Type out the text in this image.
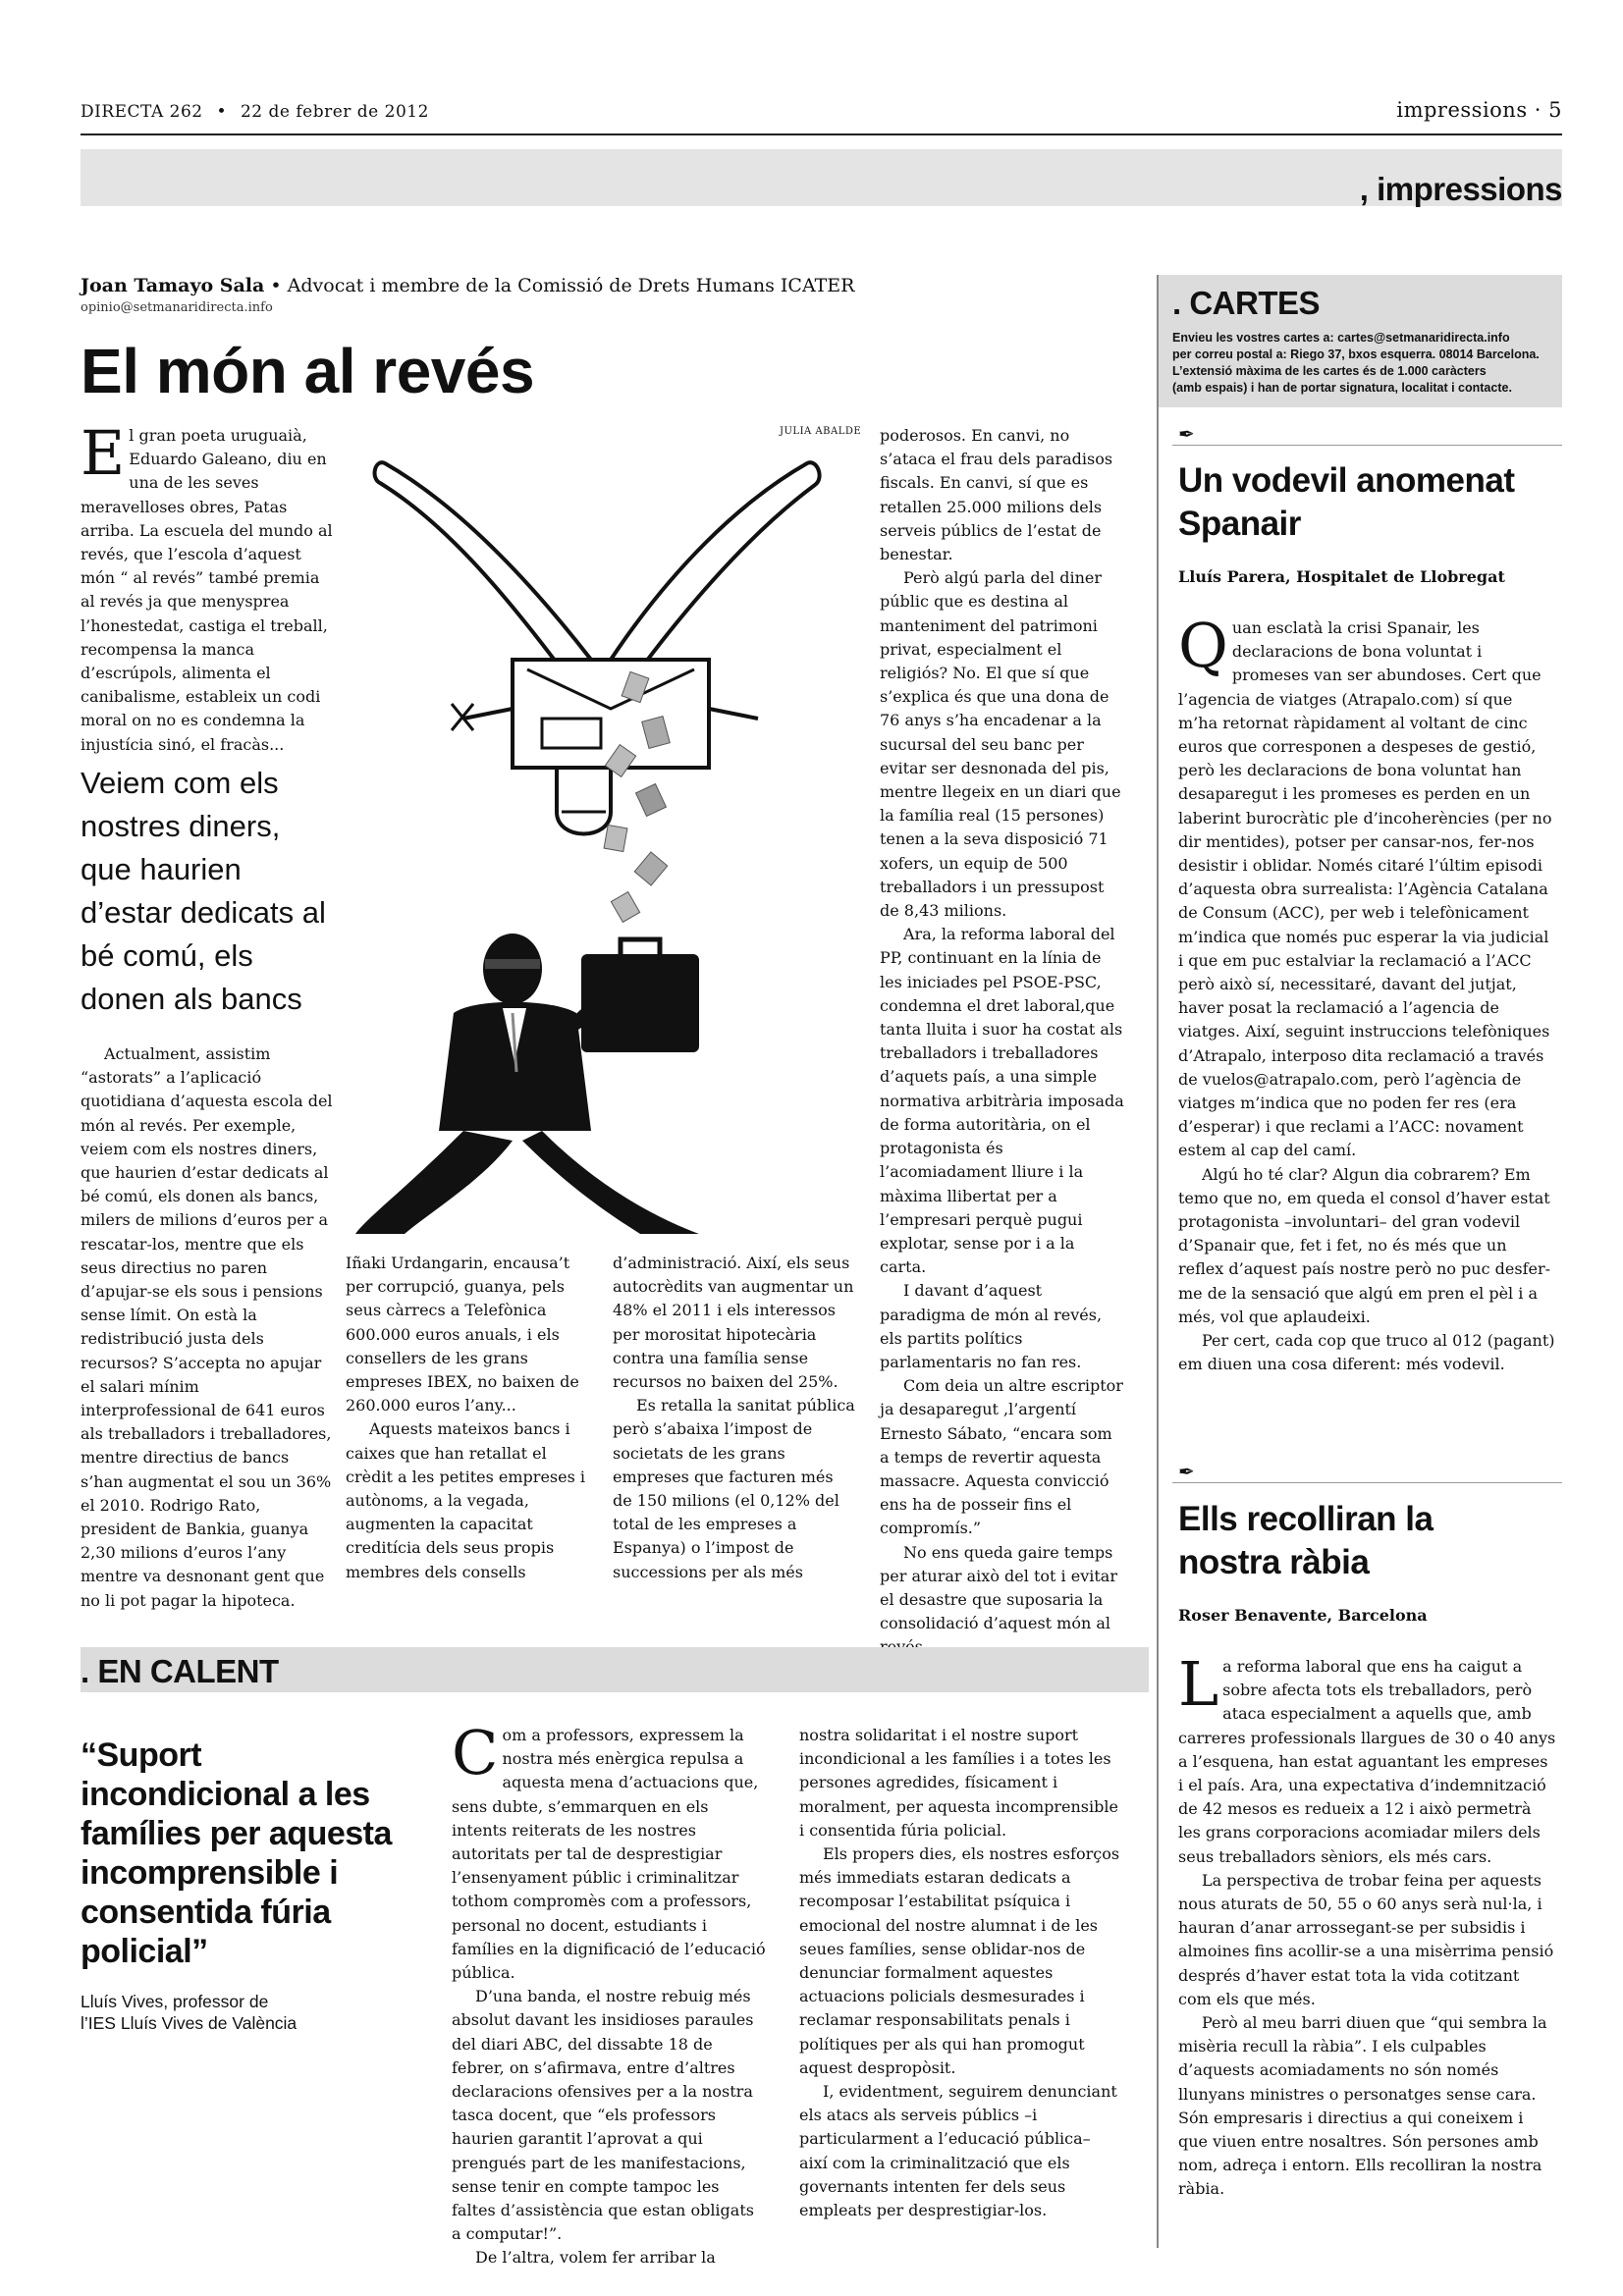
DIRECTA 262 • 22 de febrer de 2012	impressions · 5
, impressions
Joan Tamayo Sala • Advocat i membre de la Comissió de Drets Humans ICATER
opinio@setmanaridirecta.info
El món al revés
E l gran poeta uruguaià, Eduardo Galeano, diu en una de les seves meravelloses obres, Patas arriba. La escuela del mundo al revés, que l’escola d’aquest món “ al revés” també premia al revés ja que menysprea l’honestedat, castiga el treball, recompensa la manca d’escrúpols, alimenta el canibalisme, estableix un codi moral on no es condemna la injustícia sinó, el fracàs...

Veiem com els nostres diners, que haurien d’estar dedicats al bé comú, els donen als bancs

Actualment, assistim “astorats” a l’aplicació quotidiana d’aquesta escola del món al revés. Per exemple, veiem com els nostres diners, que haurien d’estar dedicats al bé comú, els donen als bancs, milers de milions d’euros per a rescatar-los, mentre que els seus directius no paren d’apujar-se els sous i pensions sense límit. On està la redistribució justa dels recursos? S’accepta no apujar el salari mínim interprofessional de 641 euros als treballadors i treballadores, mentre directius de bancs s’han augmentat el sou un 36% el 2010. Rodrigo Rato, president de Bankia, guanya 2,30 milions d’euros l’any mentre va desnonant gent que no li pot pagar la hipoteca.

JULIA ABALDE

Iñaki Urdangarin, encausa’t per corrupció, guanya, pels seus càrrecs a Telefònica 600.000 euros anuals, i els consellers de les grans empreses IBEX, no baixen de 260.000 euros l’any...

Aquests mateixos bancs i caixes que han retallat el crèdit a les petites empreses i autònoms, a la vegada, augmenten la capacitat creditícia dels seus propis membres dels consells

d’administració. Així, els seus autocrèdits van augmentar un 48% el 2011 i els interessos per morositat hipotecària contra una família sense recursos no baixen del 25%.

Es retalla la sanitat pública però s’abaixa l’impost de societats de les grans empreses que facturen més de 150 milions (el 0,12% del total de les empreses a Espanya) o l’impost de successions per als més

poderosos. En canvi, no s’ataca el frau dels paradisos fiscals. En canvi, sí que es retallen 25.000 milions dels serveis públics de l’estat de benestar.

Però algú parla del diner públic que es destina al manteniment del patrimoni privat, especialment el religiós? No. El que sí que s’explica és que una dona de 76 anys s’ha encadenar a la sucursal del seu banc per evitar ser desnonada del pis, mentre llegeix en un diari que la família real (15 persones) tenen a la seva disposició 71 xofers, un equip de 500 treballadors i un pressupost de 8,43 milions.

Ara, la reforma laboral del PP, continuant en la línia de les iniciades pel PSOE-PSC, condemna el dret laboral,que tanta lluita i suor ha costat als treballadors i treballadores d’aquets país, a una simple normativa arbitrària imposada de forma autoritària, on el protagonista és l’acomiadament lliure i la màxima llibertat per a l’empresari perquè pugui explotar, sense por i a la carta.

I davant d’aquest paradigma de món al revés, els partits polítics parlamentaris no fan res.

Com deia un altre escriptor ja desaparegut ,l’argentí Ernesto Sábato, “encara som a temps de revertir aquesta massacre. Aquesta convicció ens ha de posseir fins el compromís.”

No ens queda gaire temps per aturar això del tot i evitar el desastre que suposaria la consolidació d’aquest món al

. CARTES
Envieu les vostres cartes a: cartes@setmanaridirecta.info
per correu postal a: Riego 37, bxos esquerra. 08014 Barcelona.
L’extensió màxima de les cartes és de 1.000 caràcters
(amb espais) i han de portar signatura, localitat i contacte.
✒
Un vodevil anomenat Spanair
Lluís Parera, Hospitalet de Llobregat
Q uan esclatà la crisi Spanair, les declaracions de bona voluntat i promeses van ser abundoses. Cert que l’agencia de viatges (Atrapalo.com) sí que m’ha retornat ràpidament al voltant de cinc euros que corresponen a despeses de gestió, però les declaracions de bona voluntat han desaparegut i les promeses es perden en un laberint burocràtic ple d’incoherències (per no dir mentides), potser per cansar-nos, fer-nos desistir i oblidar. Només citaré l’últim episodi d’aquesta obra surrealista: l’Agència Catalana de Consum (ACC), per web i telefònicament m’indica que només puc esperar la via judicial i que em puc estalviar la reclamació a l’ACC però això sí, necessitaré, davant del jutjat, haver posat la reclamació a l’agencia de viatges. Així, seguint instruccions telefòniques d’Atrapalo, interposo dita reclamació a través de vuelos@atrapalo.com, però l’agència de viatges m’indica que no poden fer res (era d’esperar) i que reclami a l’ACC: novament estem al cap del camí.

Algú ho té clar? Algun dia cobrarem? Em temo que no, em queda el consol d’haver estat protagonista –involuntari– del gran vodevil d’Spanair que, fet i fet, no és més que un reflex d’aquest país nostre però no puc desfer-me de la sensació que algú em pren el pèl i a més, vol que aplaudeixi.

Per cert, cada cop que truco al 012 (pagant) em diuen una cosa diferent: més vodevil.

✒
Ells recolliran la nostra ràbia
Roser Benavente, Barcelona
L a reforma laboral que ens ha caigut a sobre afecta tots els treballadors, però ataca especialment a aquells que, amb carreres professionals llargues de 30 o 40 anys a l’esquena, han estat aguantant les empreses i el país. Ara, una expectativa d’indemnització de 42 mesos es redueix a 12 i això permetrà les grans corporacions acomiadar milers dels seus treballadors sèniors, els més cars.

La perspectiva de trobar feina per aquests nous aturats de 50, 55 o 60 anys serà nul·la, i hauran d’anar arrossegant-se per subsidis i almoines fins acollir-se a una misèrrima pensió després d’haver estat tota la vida cotitzant com els que més.

Però al meu barri diuen que “qui sembra la misèria recull la ràbia”. I els culpables d’aquests acomiadaments no són només llunyans ministres o personatges sense cara. Són empresaris i directius a qui coneixem i que viuen entre nosaltres. Són persones amb nom, adreça i entorn. Ells recolliran la nostra ràbia.

. EN CALENT
“Suport incondicional a les famílies per aquesta incomprensible i consentida fúria policial”
Lluís Vives, professor de
l’IES Lluís Vives de València
C om a professors, expressem la nostra més enèrgica repulsa a aquesta mena d’actuacions que, sens dubte, s’emmarquen en els intents reiterats de les nostres autoritats per tal de desprestigiar l’ensenyament públic i criminalitzar tothom compromès com a professors, personal no docent, estudiants i famílies en la dignificació de l’educació pública.

D’una banda, el nostre rebuig més absolut davant les insidioses paraules del diari ABC, del dissabte 18 de febrer, on s’afirmava, entre d’altres declaracions ofensives per a la nostra tasca docent, que “els professors haurien garantit l’aprovat a qui prengués part de les manifestacions, sense tenir en compte tampoc les faltes d’assistència que estan obligats a computar!”.

De l’altra, volem fer arribar la

nostra solidaritat i el nostre suport incondicional a les famílies i a totes les persones agredides, físicament i moralment, per aquesta incomprensible i consentida fúria policial.

Els propers dies, els nostres esforços més immediats estaran dedicats a recomposar l’estabilitat psíquica i emocional del nostre alumnat i de les seues famílies, sense oblidar-nos de denunciar formalment aquestes actuacions policials desmesurades i reclamar responsabilitats penals i polítiques per als qui han promogut aquest despropòsit.

I, evidentment, seguirem denunciant els atacs als serveis públics –i particularment a l’educació pública– així com la criminalització que els governants intenten fer dels seus empleats per desprestigiar-los.
